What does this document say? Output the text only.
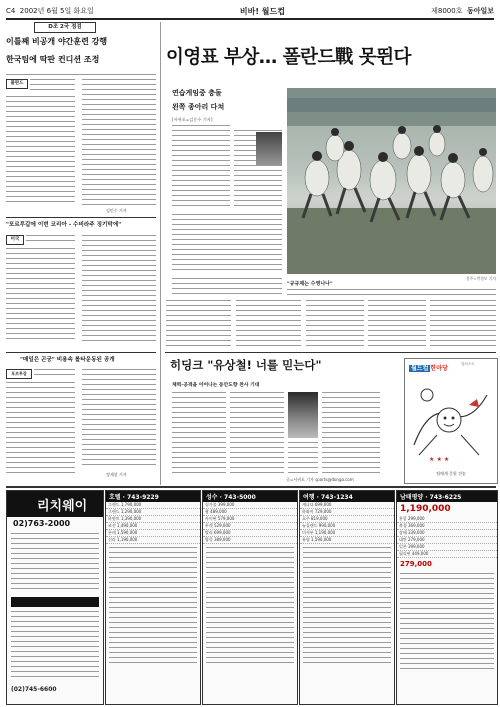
C4 2002년 6월 5일 화요일	비바! 월드컵	제8000호 동아일보
D조 2국 점검
이틀째 비공개 야간훈련 강행
한국팀에 딱판 컨디션 조정
폴란드
김민수 기자
"포르투갈에 이번 코리아 - 수비라주 징기막에"
미국
"매일은 곤궁" 비용속 롤타운동된 공개
포르투갈
정재상 기자
이영표 부상… 폴란드戰 못뛴다
연습게임중 충돌
왼쪽 종아리 다쳐
[서귀포=김동수 기자]
경주=박경모 기자
"규규제는 수영나나"
히딩크 "유상철! 너를 믿는다"
체력-공격을 이어나는 동안도향 찬사 기대
글=서귀포 기자 sports@donga.com
월드컵 한마당
일러스트
★ ★ ★
팀에게 응원 전송
리치웨이
02)763-2000
(02)745-6600
호텔 · 743-9229
그랜드 1,790,000
그랜드 1,290,000
하얏트 1,390,000
조선 1,490,000
롯데 1,590,000
신라 1,190,000
성수 · 743-5000
싱가폴 399,000
괌 489,000
사이판 579,000
푸켓 529,000
발리 699,000
방콕 389,000
여행 · 743-1234
캐나다 699,000
하와이 729,000
호주 819,000
뉴질랜드 990,000
미서부 1,190,000
유럽 1,590,000
남태평양 · 743-6225
1,190,000
홍콩 299,000
북경 369,000
상해 339,000
대만 279,000
일본 399,000
필리핀 449,000
279,000
